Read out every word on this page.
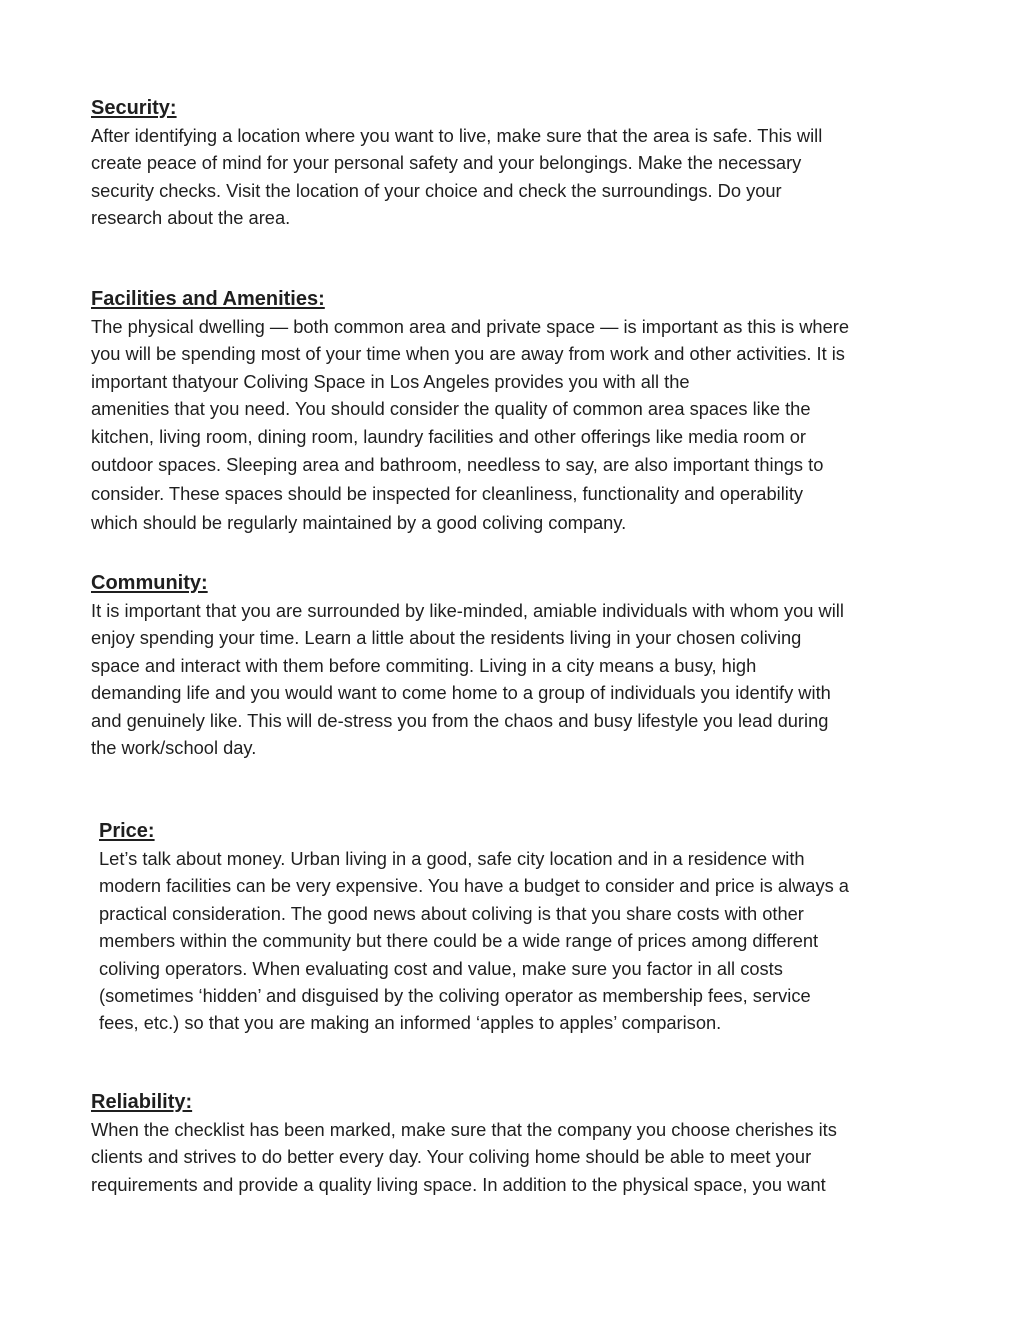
Security:

After identifying a location where you want to live, make sure that the area is safe. This will
create peace of mind for your personal safety and your belongings. Make the necessary
security checks. Visit the location of your choice and check the surroundings. Do your
research about the area.

Facilities and Amenities:

The physical dwelling — both common area and private space — is important as this is where
you will be spending most of your time when you are away from work and other activities. It is
important thatyour Coliving Space in Los Angeles provides you with all the
amenities that you need. You should consider the quality of common area spaces like the
kitchen, living room, dining room, laundry facilities and other offerings like media room or
outdoor spaces. Sleeping area and bathroom, needless to say, are also important things to
consider. These spaces should be inspected for cleanliness, functionality and operability
which should be regularly maintained by a good coliving company.

Community:

It is important that you are surrounded by like-minded, amiable individuals with whom you will
enjoy spending your time. Learn a little about the residents living in your chosen coliving
space and interact with them before commiting. Living in a city means a busy, high
demanding life and you would want to come home to a group of individuals you identify with
and genuinely like. This will de-stress you from the chaos and busy lifestyle you lead during
the work/school day.

Price:

Let’s talk about money. Urban living in a good, safe city location and in a residence with
modern facilities can be very expensive. You have a budget to consider and price is always a
practical consideration. The good news about coliving is that you share costs with other
members within the community but there could be a wide range of prices among different
coliving operators. When evaluating cost and value, make sure you factor in all costs
(sometimes ‘hidden’ and disguised by the coliving operator as membership fees, service
fees, etc.) so that you are making an informed ‘apples to apples’ comparison.

Reliability:

When the checklist has been marked, make sure that the company you choose cherishes its
clients and strives to do better every day. Your coliving home should be able to meet your
requirements and provide a quality living space. In addition to the physical space, you want
